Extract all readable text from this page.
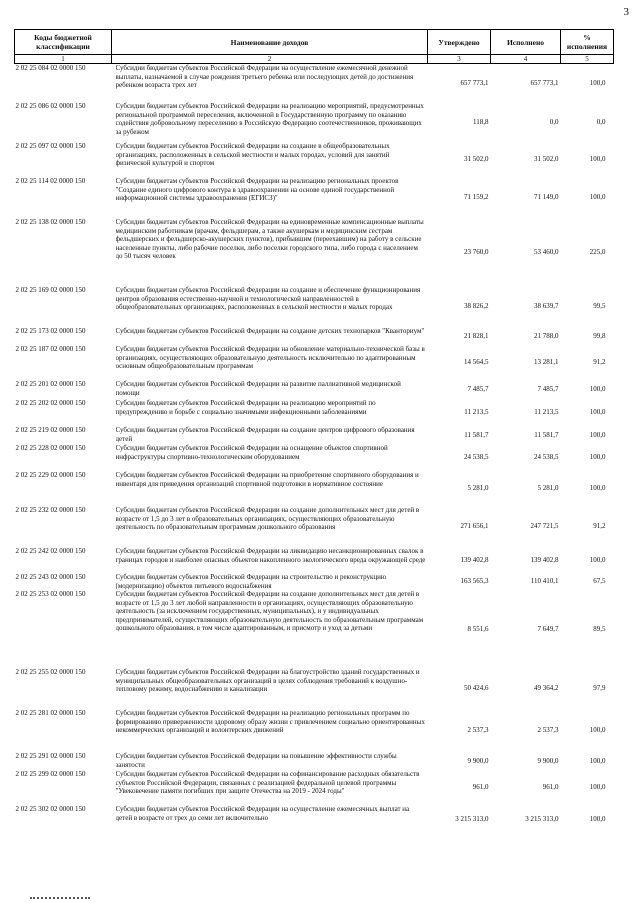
3
Коды бюджетной классификации	Наименование доходов	Утверждено	Исполнено	% исполнения
1	2	3	4	5
2 02 25 084 02 0000 150	Субсидии бюджетам субъектов Российской Федерации на осуществление ежемесячной денежной выплаты, назначаемой в случае рождения третьего ребенка или последующих детей до достижения ребенком возраста трех лет	657 773,1	657 773,1	100,0
2 02 25 086 02 0000 150	Субсидии бюджетам субъектов Российской Федерации на реализацию мероприятий, предусмотренных региональной программой переселения, включенной в Государственную программу по оказанию содействия добровольному переселению в Российскую Федерацию соотечественников, проживающих за рубежом	118,8	0,0	0,0
2 02 25 097 02 0000 150	Субсидии бюджетам субъектов Российской Федерации на создание в общеобразовательных организациях, расположенных в сельской местности и малых городах, условий для занятий физической культурой и спортом	31 502,0	31 502,0	100,0
2 02 25 114 02 0000 150	Субсидии бюджетам субъектов Российской Федерации на реализацию региональных проектов "Создание единого цифрового контура в здравоохранении на основе единой государственной информационной системы здравоохранения (ЕГИСЗ)"	71 159,2	71 149,0	100,0
2 02 25 138 02 0000 150	Субсидии бюджетам субъектов Российской Федерации на единовременные компенсационные выплаты медицинским работникам (врачам, фельдшерам, а также акушеркам и медицинским сестрам фельдшерских и фельдшерско-акушерских пунктов), прибывшим (переехавшим) на работу в сельские населенные пункты, либо рабочие поселки, либо поселки городского типа, либо города с населением до 50 тысяч человек	23 760,0	53 460,0	225,0
2 02 25 169 02 0000 150	Субсидии бюджетам субъектов Российской Федерации на создание и обеспечение функционирования центров образования естественно-научной и технологической направленностей в общеобразовательных организациях, расположенных в сельской местности и малых городах	38 826,2	38 639,7	99,5
2 02 25 173 02 0000 150	Субсидии бюджетам субъектов Российской Федерации на создание детских технопарков "Кванториум"	21 828,1	21 788,0	99,8
2 02 25 187 02 0000 150	Субсидии бюджетам субъектов Российской Федерации на обновление материально-технической базы в организациях, осуществляющих образовательную деятельность исключительно по адаптированным основным общеобразовательным программам	14 564,5	13 281,1	91,2
2 02 25 201 02 0000 150	Субсидии бюджетам субъектов Российской Федерации на развитие паллиативной медицинской помощи	7 485,7	7 485,7	100,0
2 02 25 202 02 0000 150	Субсидии бюджетам субъектов Российской Федерации на реализацию мероприятий по предупреждению и борьбе с социально значимыми инфекционными заболеваниями	11 213,5	11 213,5	100,0
2 02 25 219 02 0000 150	Субсидии бюджетам субъектов Российской Федерации на создание центров цифрового образования детей	11 581,7	11 581,7	100,0
2 02 25 228 02 0000 150	Субсидии бюджетам субъектов Российской Федерации на оснащение объектов спортивной инфраструктуры спортивно-технологическим оборудованием	24 538,5	24 538,5	100,0
2 02 25 229 02 0000 150	Субсидии бюджетам субъектов Российской Федерации на приобретение спортивного оборудования и инвентаря для приведения организаций спортивной подготовки в нормативное состояние	5 281,0	5 281,0	100,0
2 02 25 232 02 0000 150	Субсидии бюджетам субъектов Российской Федерации на создание дополнительных мест для детей в возрасте от 1,5 до 3 лет в образовательных организациях, осуществляющих образовательную деятельность по образовательным программам дошкольного образования	271 656,1	247 721,5	91,2
2 02 25 242 02 0000 150	Субсидии бюджетам субъектов Российской Федерации на ликвидацию несанкционированных свалок в границах городов и наиболее опасных объектов накопленного экологического вреда окружающей среде	139 402,8	139 402,8	100,0
2 02 25 243 02 0000 150	Субсидии бюджетам субъектов Российской Федерации на строительство и реконструкцию (модернизацию) объектов питьевого водоснабжения	163 565,3	110 410,1	67,5
2 02 25 253 02 0000 150	Субсидии бюджетам субъектов Российской Федерации на создание дополнительных мест для детей в возрасте от 1,5 до 3 лет любой направленности в организациях, осуществляющих образовательную деятельность (за исключением государственных, муниципальных), и у индивидуальных предпринимателей, осуществляющих образовательную деятельность по образовательным программам дошкольного образования, в том числе адаптированным, и присмотр и уход за детьми	8 551,6	7 649,7	89,5
2 02 25 255 02 0000 150	Субсидии бюджетам субъектов Российской Федерации на благоустройство зданий государственных и муниципальных общеобразовательных организаций в целях соблюдения требований к воздушно-тепловому режиму, водоснабжению и канализации	50 424,6	49 364,2	97,9
2 02 25 281 02 0000 150	Субсидии бюджетам субъектов Российской Федерации на реализацию региональных программ по формированию приверженности здоровому образу жизни с привлечением социально ориентированных некоммерческих организаций и волонтерских движений	2 537,3	2 537,3	100,0
2 02 25 291 02 0000 150	Субсидии бюджетам субъектов Российской Федерации на повышение эффективности службы занятости	9 900,0	9 900,0	100,0
2 02 25 299 02 0000 150	Субсидии бюджетам субъектов Российской Федерации на софинансирование расходных обязательств субъектов Российской Федерации, связанных с реализацией федеральной целевой программы "Увековечение памяти погибших при защите Отечества на 2019 - 2024 годы"	961,0	961,0	100,0
2 02 25 302 02 0000 150	Субсидии бюджетам субъектов Российской Федерации на осуществление ежемесячных выплат на детей в возрасте от трех до семи лет включительно	3 215 313,0	3 215 313,0	100,0
